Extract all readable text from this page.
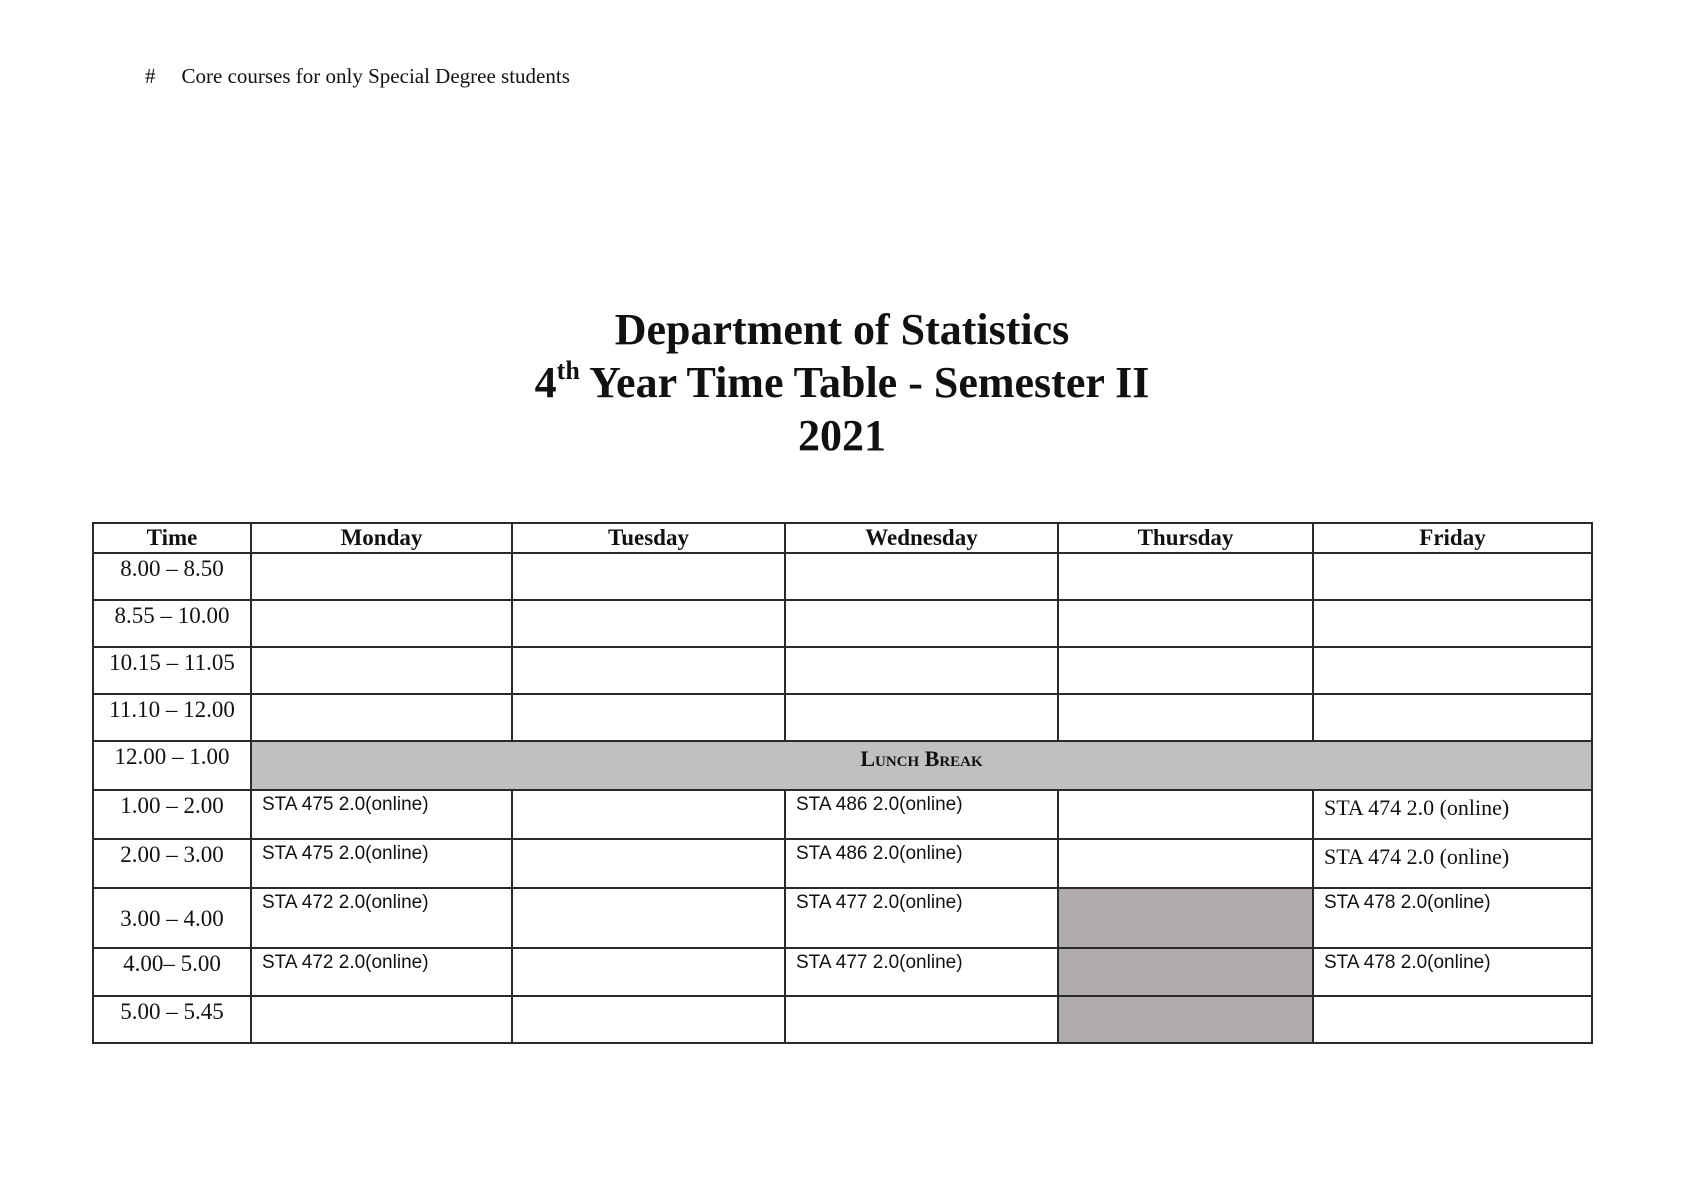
# Core courses for only Special Degree students
Department of Statistics
4th Year Time Table - Semester II
2021
Time	Monday	Tuesday	Wednesday	Thursday	Friday
8.00 – 8.50					
8.55 – 10.00					
10.15 – 11.05					
11.10 – 12.00					
12.00 – 1.00	Lunch Break				
1.00 – 2.00	STA 475 2.0(online)		STA 486 2.0(online)		STA 474 2.0 (online)
2.00 – 3.00	STA 475 2.0(online)		STA 486 2.0(online)		STA 474 2.0 (online)
3.00 – 4.00	STA 472 2.0(online)		STA 477 2.0(online)		STA 478 2.0(online)
4.00– 5.00	STA 472 2.0(online)		STA 477 2.0(online)		STA 478 2.0(online)
5.00 – 5.45					
